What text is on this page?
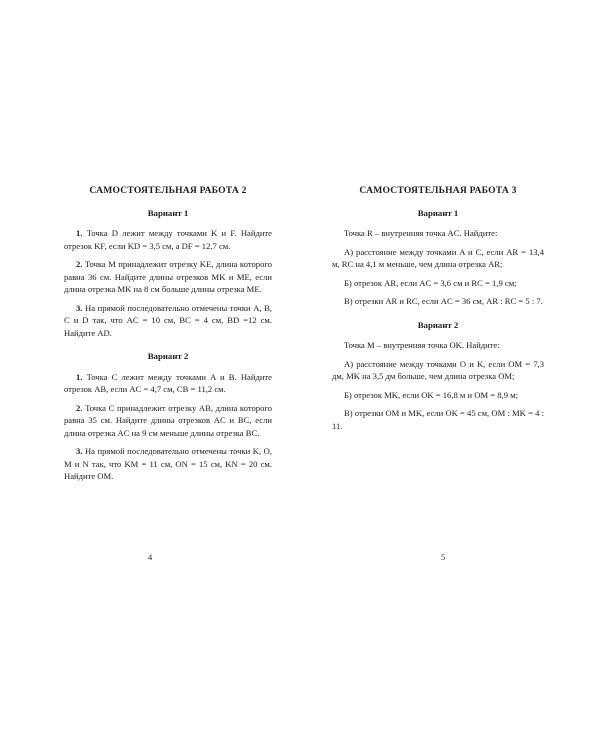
САМОСТОЯТЕЛЬНАЯ РАБОТА 2
Вариант 1

1. Точка D лежит между точками K и F. Найдите отрезок KF, если KD = 3,5 см, а DF = 12,7 см.

2. Точка M принадлежит отрезку KE, длина которого равна 36 см. Найдите длины отрезков MK и ME, если длина отрезка MK на 8 см больше длины отрезка ME.

3. На прямой последовательно отмечены точки A, B, C и D так, что AC = 10 см, BC = 4 см, BD =12 см. Найдите AD.

Вариант 2

1. Точка C лежит между точками A и B. Найдите отрезок AB, если AC = 4,7 см, CB = 11,2 см.

2. Точка C принадлежит отрезку AB, длина которого равна 35 см. Найдите длины отрезков AC и BC, если длина отрезка AC на 9 см меньше длины отрезка BC.

3. На прямой последовательно отмечены точки K, O, M и N так, что KM = 11 см, ON = 15 см, KN = 20 см. Найдите OM.

4
САМОСТОЯТЕЛЬНАЯ РАБОТА 3
Вариант 1

Точка R – внутренняя точка AC. Найдите:

А) расстояние между точками A и C, если AR = 13,4 м, RC на 4,1 м меньше, чем длина отрезка AR;

Б) отрезок AR, если AC = 3,6 см и RC = 1,9 см;

В) отрезки AR и RC, если AC = 36 см, AR : RC = 5 : 7.

Вариант 2

Точка M – внутренняя точка OK. Найдите:

А) расстояние между точками O и K, если OM = 7,3 дм, MK на 3,5 дм больше, чем длина отрезка OM;

Б) отрезок MK, если OK = 16,8 м и OM = 8,9 м;

В) отрезки OM и MK, если OK = 45 см, OM : MK = 4 : 11.

5
